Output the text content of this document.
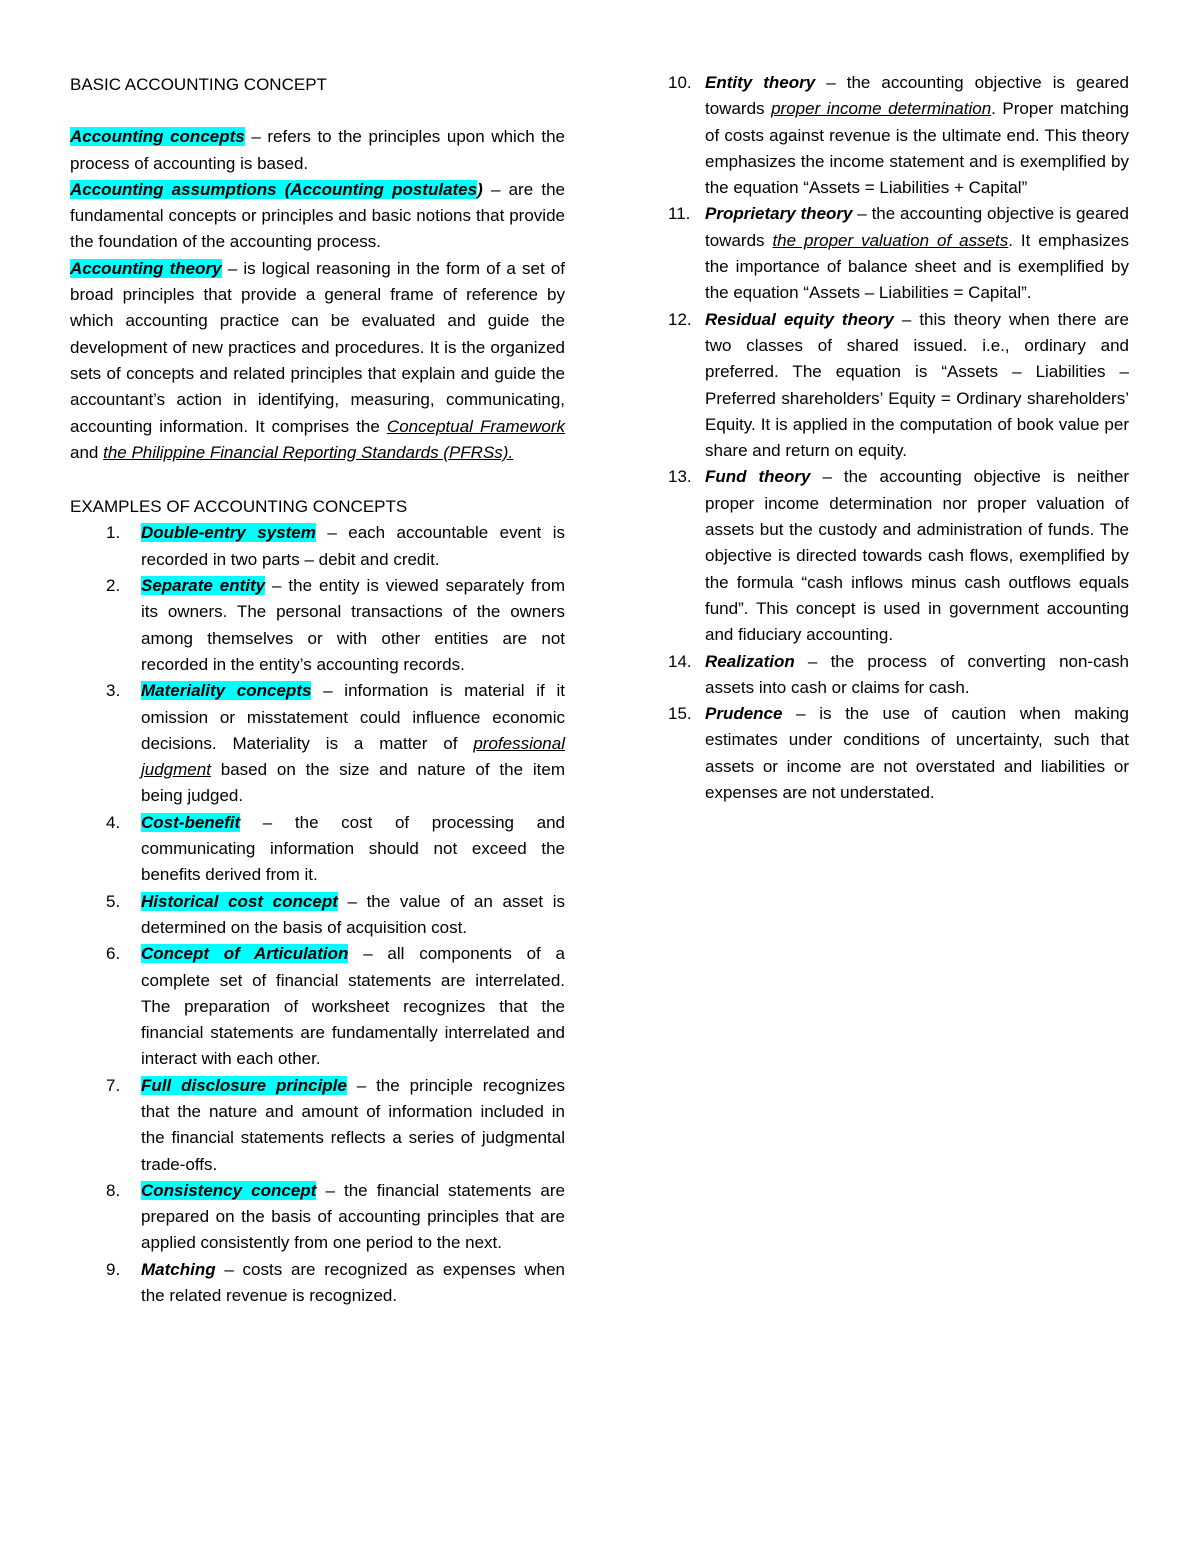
BASIC ACCOUNTING CONCEPT

Accounting concepts – refers to the principles upon which the process of accounting is based.

Accounting assumptions (Accounting postulates) – are the fundamental concepts or principles and basic notions that provide the foundation of the accounting process.

Accounting theory – is logical reasoning in the form of a set of broad principles that provide a general frame of reference by which accounting practice can be evaluated and guide the development of new practices and procedures. It is the organized sets of concepts and related principles that explain and guide the accountant’s action in identifying, measuring, communicating, accounting information. It comprises the Conceptual Framework and the Philippine Financial Reporting Standards (PFRSs).

EXAMPLES OF ACCOUNTING CONCEPTS
1.	Double-entry system – each accountable event is recorded in two parts – debit and credit.
2.	Separate entity – the entity is viewed separately from its owners. The personal transactions of the owners among themselves or with other entities are not recorded in the entity’s accounting records.
3.	Materiality concepts – information is material if it omission or misstatement could influence economic decisions. Materiality is a matter of professional judgment based on the size and nature of the item being judged.
4.	Cost-benefit – the cost of processing and communicating information should not exceed the benefits derived from it.
5.	Historical cost concept – the value of an asset is determined on the basis of acquisition cost.
6.	Concept of Articulation – all components of a complete set of financial statements are interrelated. The preparation of worksheet recognizes that the financial statements are fundamentally interrelated and interact with each other.
7.	Full disclosure principle – the principle recognizes that the nature and amount of information included in the financial statements reflects a series of judgmental trade-offs.
8.	Consistency concept – the financial statements are prepared on the basis of accounting principles that are applied consistently from one period to the next.
9.	Matching – costs are recognized as expenses when the related revenue is recognized.
10. Entity theory – the accounting objective is geared towards proper income determination. Proper matching of costs against revenue is the ultimate end. This theory emphasizes the income statement and is exemplified by the equation “Assets = Liabilities + Capital”
11. Proprietary theory – the accounting objective is geared towards the proper valuation of assets. It emphasizes the importance of balance sheet and is exemplified by the equation “Assets – Liabilities = Capital”.
12. Residual equity theory – this theory when there are two classes of shared issued. i.e., ordinary and preferred. The equation is “Assets – Liabilities – Preferred shareholders’ Equity = Ordinary shareholders’ Equity. It is applied in the computation of book value per share and return on equity.
13. Fund theory – the accounting objective is neither proper income determination nor proper valuation of assets but the custody and administration of funds. The objective is directed towards cash flows, exemplified by the formula “cash inflows minus cash outflows equals fund”. This concept is used in government accounting and fiduciary accounting.
14. Realization – the process of converting non-cash assets into cash or claims for cash.
15. Prudence – is the use of caution when making estimates under conditions of uncertainty, such that assets or income are not overstated and liabilities or expenses are not understated.
